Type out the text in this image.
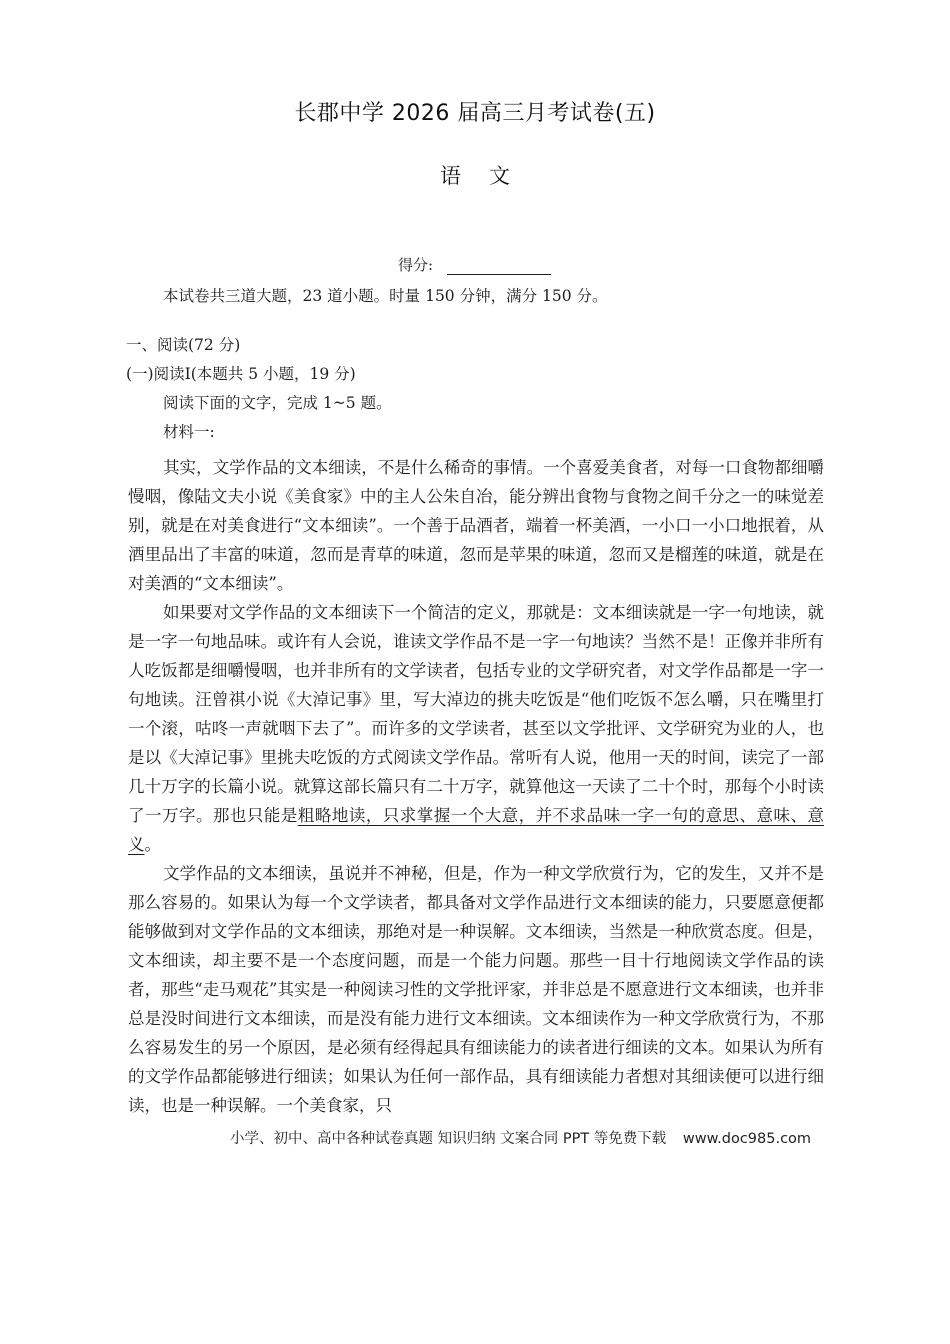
长郡中学 2026 届高三月考试卷(五)
语文
得分:
本试卷共三道大题，23 道小题。时量 150 分钟，满分 150 分。
一、阅读(72 分)
(一)阅读Ⅰ(本题共 5 小题，19 分)
阅读下面的文字，完成 1~5 题。
材料一:

其实，文学作品的文本细读，不是什么稀奇的事情。一个喜爱美食者，对每一口食物都细嚼慢咽，像陆文夫小说《美食家》中的主人公朱自冶，能分辨出食物与食物之间千分之一的味觉差别，就是在对美食进行“文本细读”。一个善于品酒者，端着一杯美酒，一小口一小口地抿着，从酒里品出了丰富的味道，忽而是青草的味道，忽而是苹果的味道，忽而又是榴莲的味道，就是在对美酒的“文本细读”。

如果要对文学作品的文本细读下一个简洁的定义，那就是：文本细读就是一字一句地读，就是一字一句地品味。或许有人会说，谁读文学作品不是一字一句地读？当然不是！正像并非所有人吃饭都是细嚼慢咽，也并非所有的文学读者，包括专业的文学研究者，对文学作品都是一字一句地读。汪曾祺小说《大淖记事》里，写大淖边的挑夫吃饭是“他们吃饭不怎么嚼，只在嘴里打一个滚，咕咚一声就咽下去了”。而许多的文学读者，甚至以文学批评、文学研究为业的人，也是以《大淖记事》里挑夫吃饭的方式阅读文学作品。常听有人说，他用一天的时间，读完了一部几十万字的长篇小说。就算这部长篇只有二十万字，就算他这一天读了二十个时，那每个小时读了一万字。那也只能是粗略地读，只求掌握一个大意，并不求品味一字一句的意思、意味、意义。

文学作品的文本细读，虽说并不神秘，但是，作为一种文学欣赏行为，它的发生，又并不是那么容易的。如果认为每一个文学读者，都具备对文学作品进行文本细读的能力，只要愿意便都能够做到对文学作品的文本细读，那绝对是一种误解。文本细读，当然是一种欣赏态度。但是，文本细读，却主要不是一个态度问题，而是一个能力问题。那些一目十行地阅读文学作品的读者，那些“走马观花”其实是一种阅读习性的文学批评家，并非总是不愿意进行文本细读，也并非总是没时间进行文本细读，而是没有能力进行文本细读。文本细读作为一种文学欣赏行为，不那么容易发生的另一个原因，是必须有经得起具有细读能力的读者进行细读的文本。如果认为所有的文学作品都能够进行细读；如果认为任何一部作品，具有细读能力者想对其细读便可以进行细读，也是一种误解。一个美食家，只

小学、初中、高中各种试卷真题 知识归纳 文案合同 PPT 等免费下载 www.doc985.com
